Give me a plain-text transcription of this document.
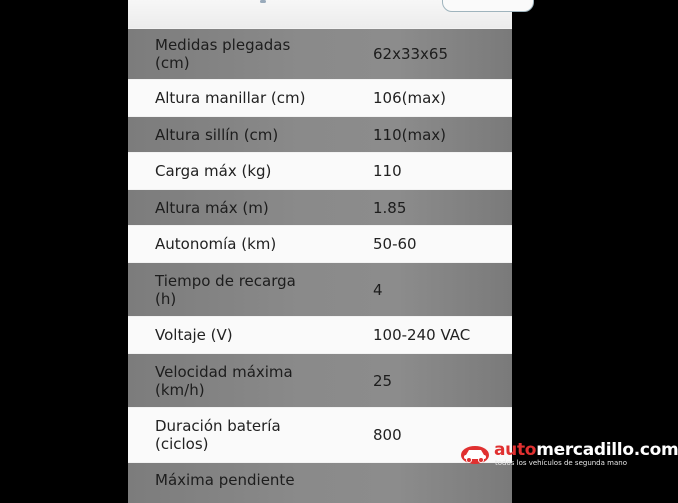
Medidas plegadas
(cm)	62x33x65
Altura manillar (cm)	106(max)
Altura sillín (cm)	110(max)
Carga máx (kg)	110
Altura máx (m)	1.85
Autonomía (km)	50-60
Tiempo de recarga
(h)	4
Voltaje (V)	100-240 VAC
Velocidad máxima
(km/h)	25
Duración batería
(ciclos)	800
Máxima pendiente
automercadillo.com
todos los vehículos de segunda mano
